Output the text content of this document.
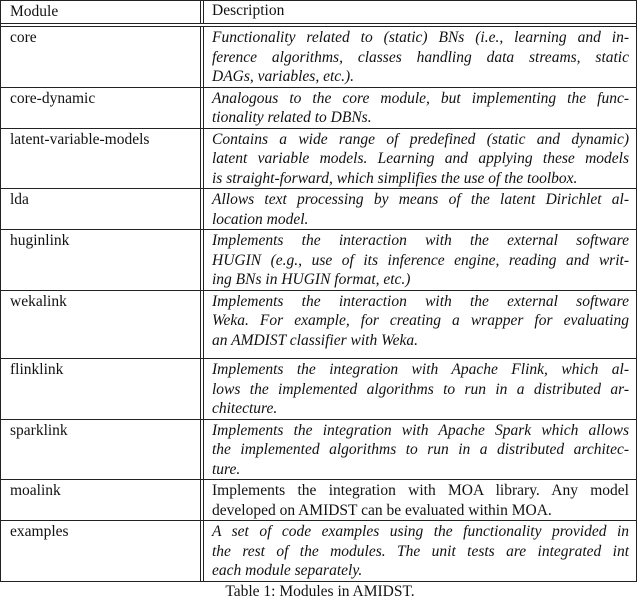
Module	Description
core	Functionality related to (static) BNs (i.e., learning and in-
ference algorithms, classes handling data streams, static
DAGs, variables, etc.).
core-dynamic	Analogous to the core module, but implementing the func-
tionality related to DBNs.
latent-variable-models	Contains a wide range of predefined (static and dynamic)
latent variable models. Learning and applying these models
is straight-forward, which simplifies the use of the toolbox.
lda	Allows text processing by means of the latent Dirichlet al-
location model.
huginlink	Implements the interaction with the external software
HUGIN (e.g., use of its inference engine, reading and writ-
ing BNs in HUGIN format, etc.)
wekalink	Implements the interaction with the external software
Weka. For example, for creating a wrapper for evaluating
an AMDIST classifier with Weka.
flinklink	Implements the integration with Apache Flink, which al-
lows the implemented algorithms to run in a distributed ar-
chitecture.
sparklink	Implements the integration with Apache Spark which allows
the implemented algorithms to run in a distributed architec-
ture.
moalink	Implements the integration with MOA library. Any model
developed on AMIDST can be evaluated within MOA.
examples	A set of code examples using the functionality provided in
the rest of the modules. The unit tests are integrated int
each module separately.
Table 1: Modules in AMIDST.
